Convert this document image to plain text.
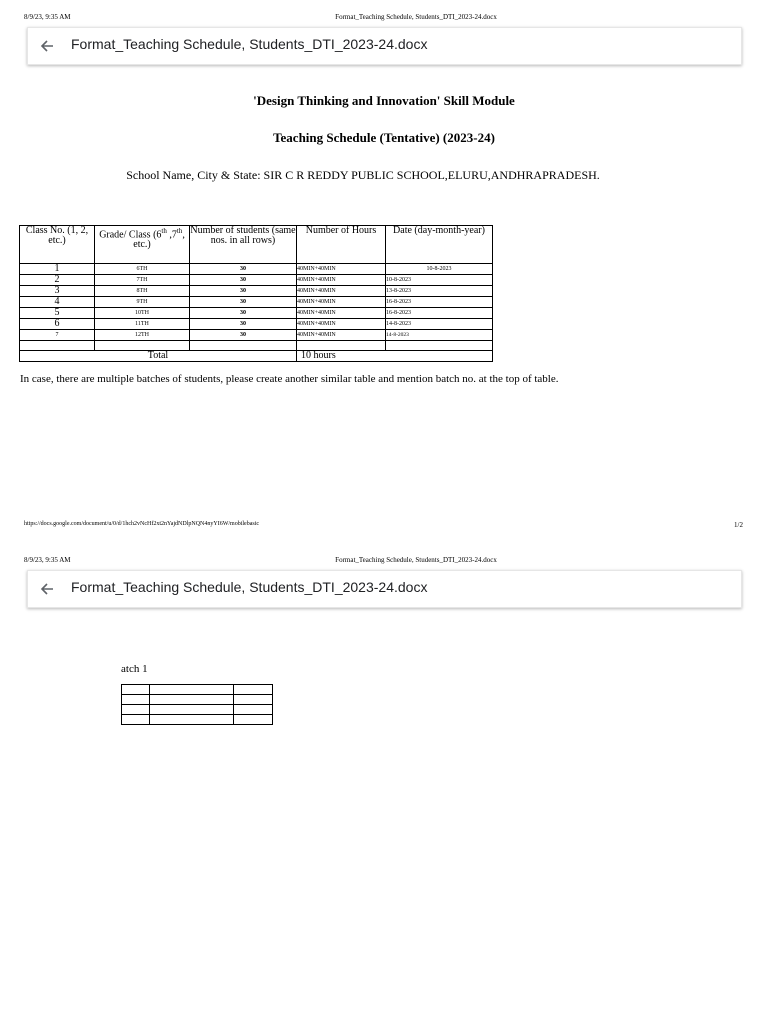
8/9/23, 9:35 AM	Format_Teaching Schedule, Students_DTI_2023-24.docx
Format_Teaching Schedule, Students_DTI_2023-24.docx
'Design Thinking and Innovation' Skill Module
Teaching Schedule (Tentative) (2023-24)
School Name, City & State: SIR C R REDDY PUBLIC SCHOOL,ELURU,ANDHRAPRADESH.
Class No. (1, 2, etc.)	Grade/ Class (6th ,7th, etc.)	Number of students (same nos. in all rows)	Number of Hours	Date (day-month-year)
1	6TH	30	40MIN+40MIN	10-8-2023
2	7TH	30	40MIN+40MIN	10-8-2023
3	8TH	30	40MIN+40MIN	13-8-2023
4	9TH	30	40MIN+40MIN	16-8-2023
5	10TH	30	40MIN+40MIN	16-8-2023
6	11TH	30	40MIN+40MIN	14-8-2023
7	12TH	30	40MIN+40MIN	14-8-2023

Total			10 hours	
In case, there are multiple batches of students, please create another similar table and mention batch no. at the top of table.
https://docs.google.com/document/u/0/d/1hch2vNcHf2xt2nYajdNDlpNQN4nyYI6W/mobilebasic	1/2
8/9/23, 9:35 AM	Format_Teaching Schedule, Students_DTI_2023-24.docx
Format_Teaching Schedule, Students_DTI_2023-24.docx
atch 1
